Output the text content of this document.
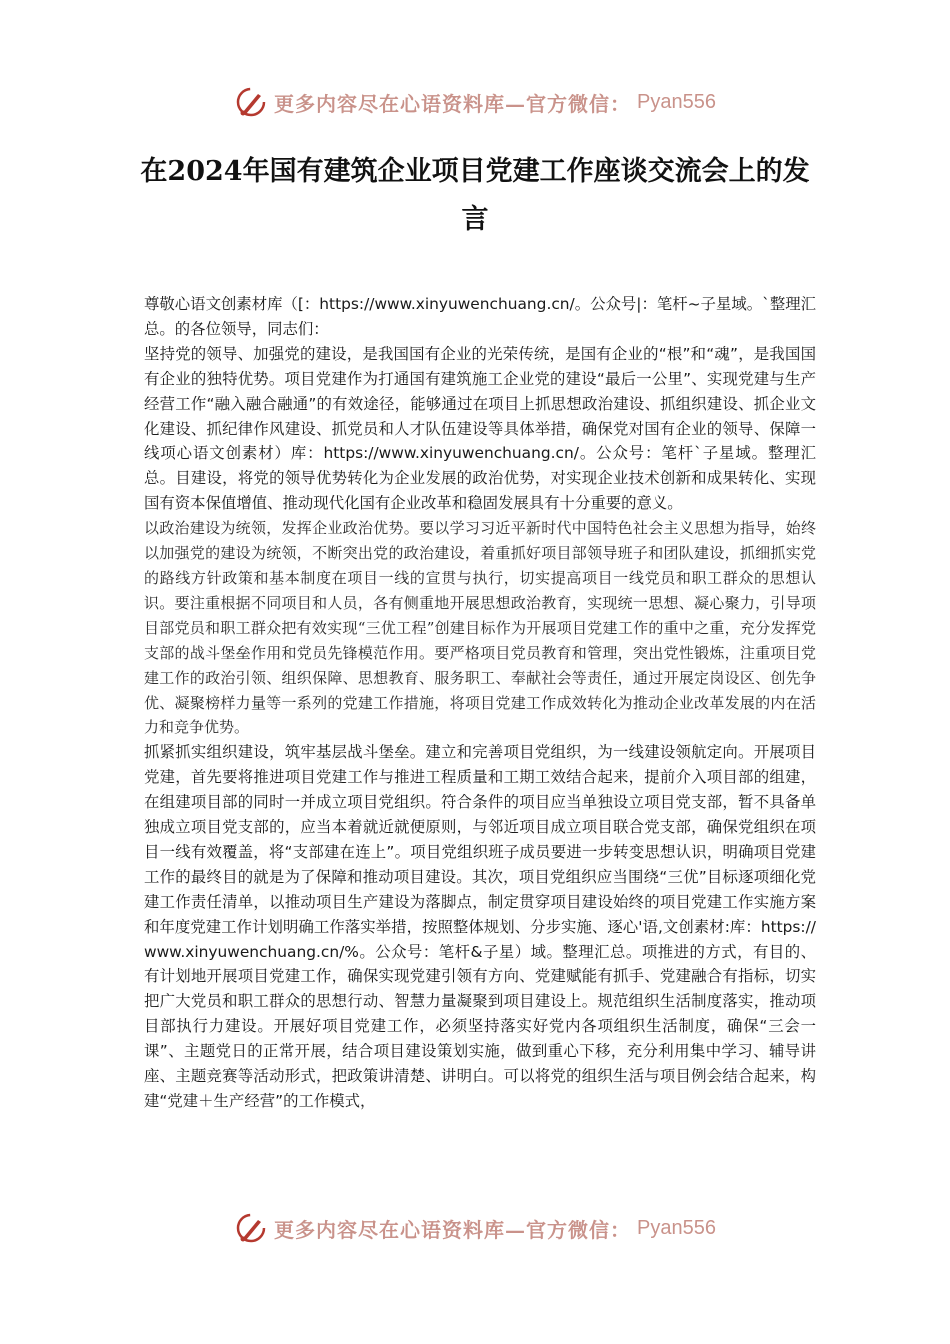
更多内容尽在心语资料库—官方微信： Pyan556
在2024年国有建筑企业项目党建工作座谈交流会上的发言

尊敬心语文创素材库（[：https://www.xinyuwenchuang.cn/。公众号|：笔杆~子星域。`整理汇总。的各位领导，同志们：

坚持党的领导、加强党的建设，是我国国有企业的光荣传统，是国有企业的“根”和“魂”，是我国国有企业的独特优势。项目党建作为打通国有建筑施工企业党的建设“最后一公里”、实现党建与生产经营工作“融入融合融通”的有效途径，能够通过在项目上抓思想政治建设、抓组织建设、抓企业文化建设、抓纪律作风建设、抓党员和人才队伍建设等具体举措，确保党对国有企业的领导、保障一线项心语文创素材）库：https://www.xinyuwenchuang.cn/。公众号：笔杆`子星域。整理汇总。目建设，将党的领导优势转化为企业发展的政治优势，对实现企业技术创新和成果转化、实现国有资本保值增值、推动现代化国有企业改革和稳固发展具有十分重要的意义。

以政治建设为统领，发挥企业政治优势。要以学习习近平新时代中国特色社会主义思想为指导，始终以加强党的建设为统领，不断突出党的政治建设，着重抓好项目部领导班子和团队建设，抓细抓实党的路线方针政策和基本制度在项目一线的宣贯与执行，切实提高项目一线党员和职工群众的思想认识。要注重根据不同项目和人员，各有侧重地开展思想政治教育，实现统一思想、凝心聚力，引导项目部党员和职工群众把有效实现“三优工程”创建目标作为开展项目党建工作的重中之重，充分发挥党支部的战斗堡垒作用和党员先锋模范作用。要严格项目党员教育和管理，突出党性锻炼，注重项目党建工作的政治引领、组织保障、思想教育、服务职工、奉献社会等责任，通过开展定岗设区、创先争优、凝聚榜样力量等一系列的党建工作措施，将项目党建工作成效转化为推动企业改革发展的内在活力和竞争优势。

抓紧抓实组织建设，筑牢基层战斗堡垒。建立和完善项目党组织，为一线建设领航定向。开展项目党建，首先要将推进项目党建工作与推进工程质量和工期工效结合起来，提前介入项目部的组建，在组建项目部的同时一并成立项目党组织。符合条件的项目应当单独设立项目党支部，暂不具备单独成立项目党支部的，应当本着就近就便原则，与邻近项目成立项目联合党支部，确保党组织在项目一线有效覆盖，将“支部建在连上”。项目党组织班子成员要进一步转变思想认识，明确项目党建工作的最终目的就是为了保障和推动项目建设。其次，项目党组织应当围绕“三优”目标逐项细化党建工作责任清单，以推动项目生产建设为落脚点，制定贯穿项目建设始终的项目党建工作实施方案和年度党建工作计划明确工作落实举措，按照整体规划、分步实施、逐心'语,文创素材:库：https://www.xinyuwenchuang.cn/%。公众号：笔杆&子星）域。整理汇总。项推进的方式，有目的、有计划地开展项目党建工作，确保实现党建引领有方向、党建赋能有抓手、党建融合有指标，切实把广大党员和职工群众的思想行动、智慧力量凝聚到项目建设上。规范组织生活制度落实，推动项目部执行力建设。开展好项目党建工作，必须坚持落实好党内各项组织生活制度，确保“三会一课”、主题党日的正常开展，结合项目建设策划实施，做到重心下移，充分利用集中学习、辅导讲座、主题竞赛等活动形式，把政策讲清楚、讲明白。可以将党的组织生活与项目例会结合起来，构建“党建＋生产经营”的工作模式，

更多内容尽在心语资料库—官方微信： Pyan556
